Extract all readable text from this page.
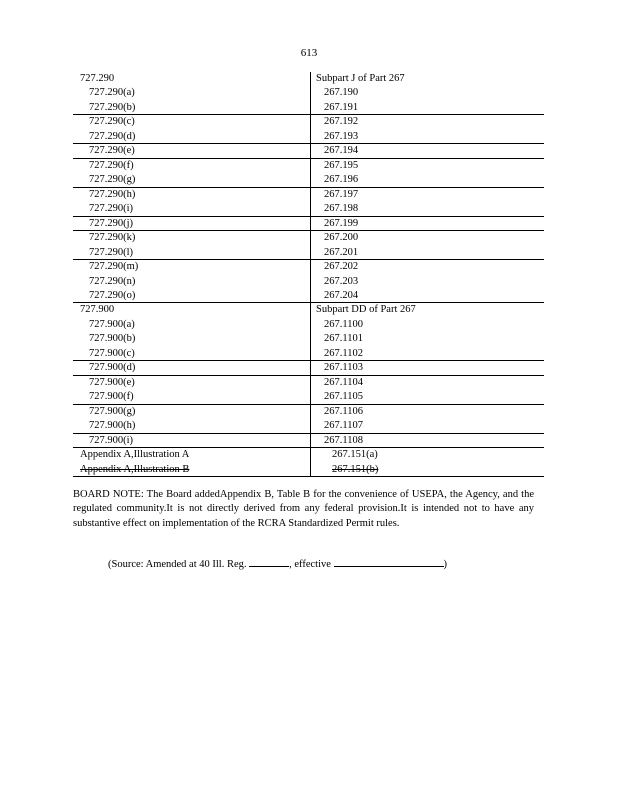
613
727.290	Subpart J of Part 267
727.290(a)	267.190
727.290(b)	267.191
727.290(c)	267.192
727.290(d)	267.193
727.290(e)	267.194
727.290(f)	267.195
727.290(g)	267.196
727.290(h)	267.197
727.290(i)	267.198
727.290(j)	267.199
727.290(k)	267.200
727.290(l)	267.201
727.290(m)	267.202
727.290(n)	267.203
727.290(o)	267.204
727.900	Subpart DD of Part 267
727.900(a)	267.1100
727.900(b)	267.1101
727.900(c)	267.1102
727.900(d)	267.1103
727.900(e)	267.1104
727.900(f)	267.1105
727.900(g)	267.1106
727.900(h)	267.1107
727.900(i)	267.1108
Appendix A,Illustration A	267.151(a)
Appendix A,Illustration B	267.151(b)
BOARD NOTE: The Board addedAppendix B, Table B for the convenience of USEPA, the Agency, and the regulated community.It is not directly derived from any federal provision.It is intended not to have any substantive effect on implementation of the RCRA Standardized Permit rules.
(Source: Amended at 40 Ill. Reg.	, effective	)
